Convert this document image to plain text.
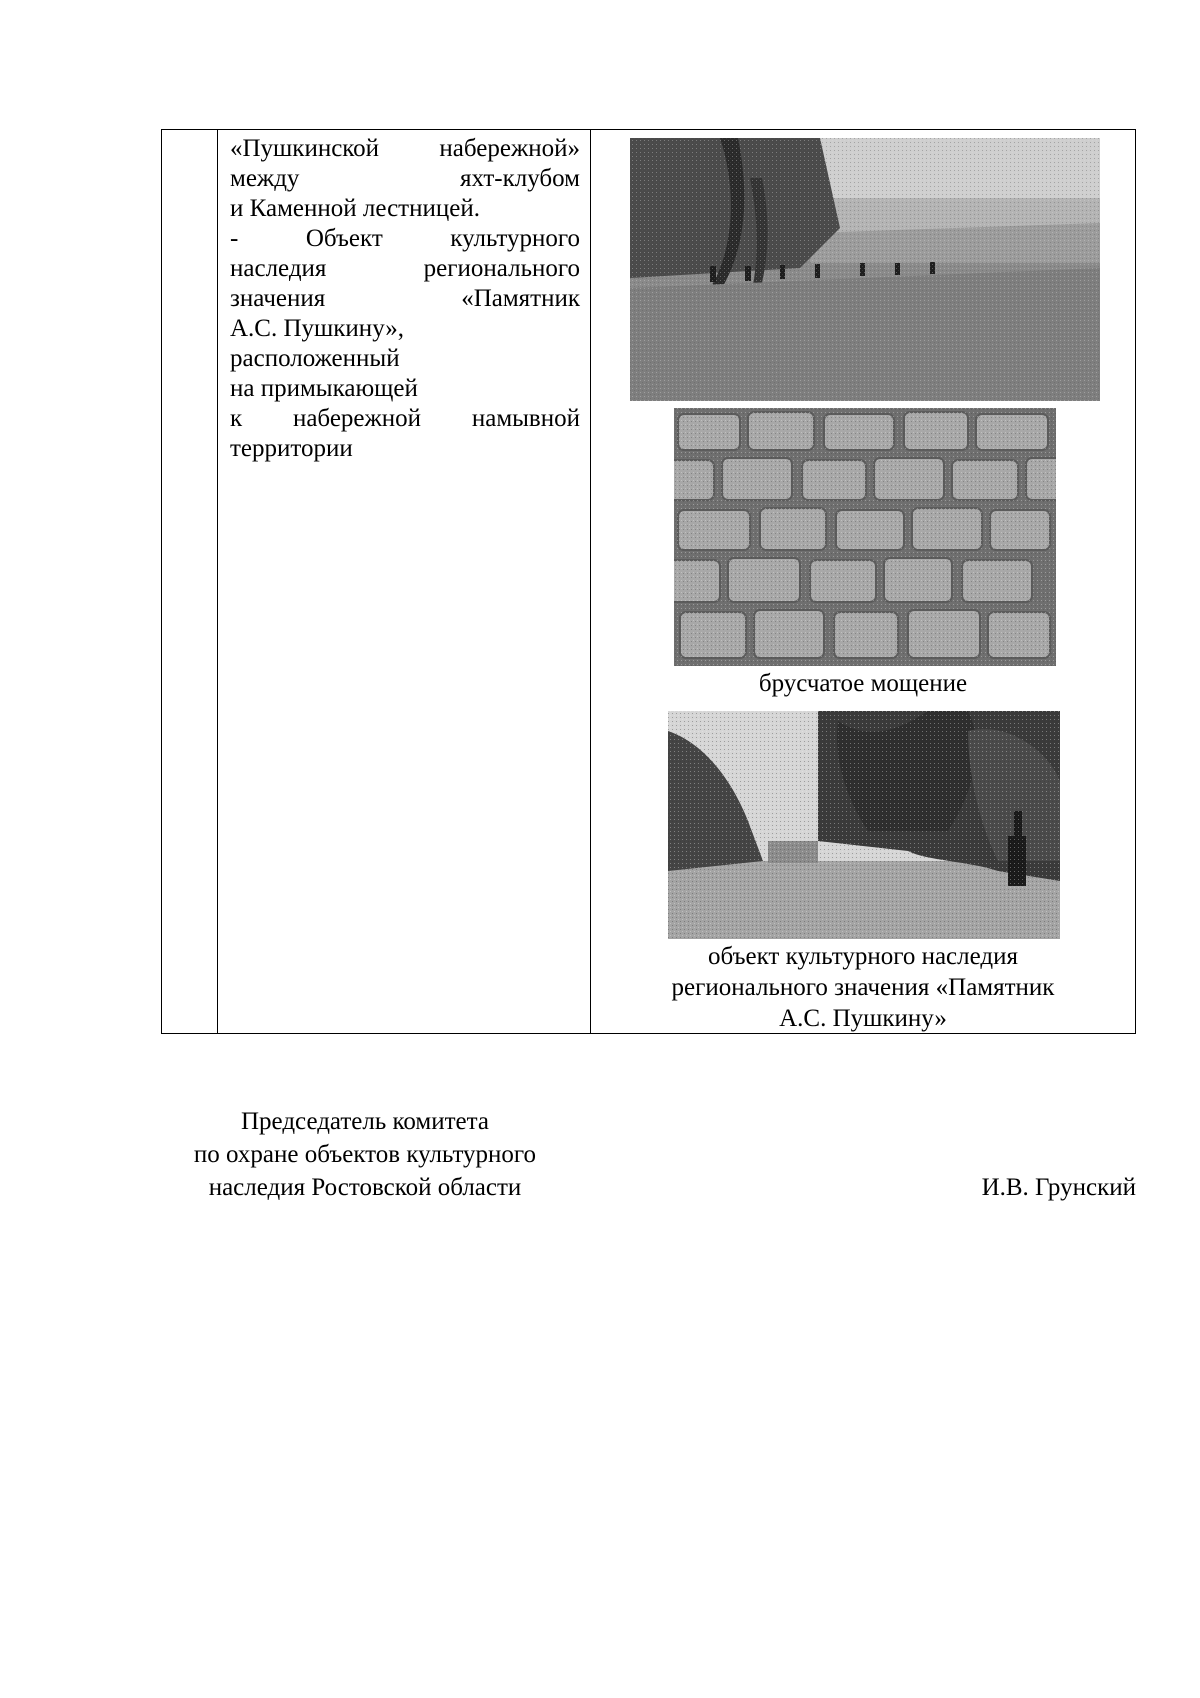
«Пушкинской набережной»
между яхт-клубом
и Каменной лестницей.
- Объект культурного
наследия регионального
значения «Памятник
А.С. Пушкину»,
расположенный
на примыкающей
к набережной намывной
территории
брусчатое мощение
объект культурного наследия
регионального значения «Памятник
А.С. Пушкину»
Председатель комитета
по охране объектов культурного
наследия Ростовской области	И.В. Грунский
